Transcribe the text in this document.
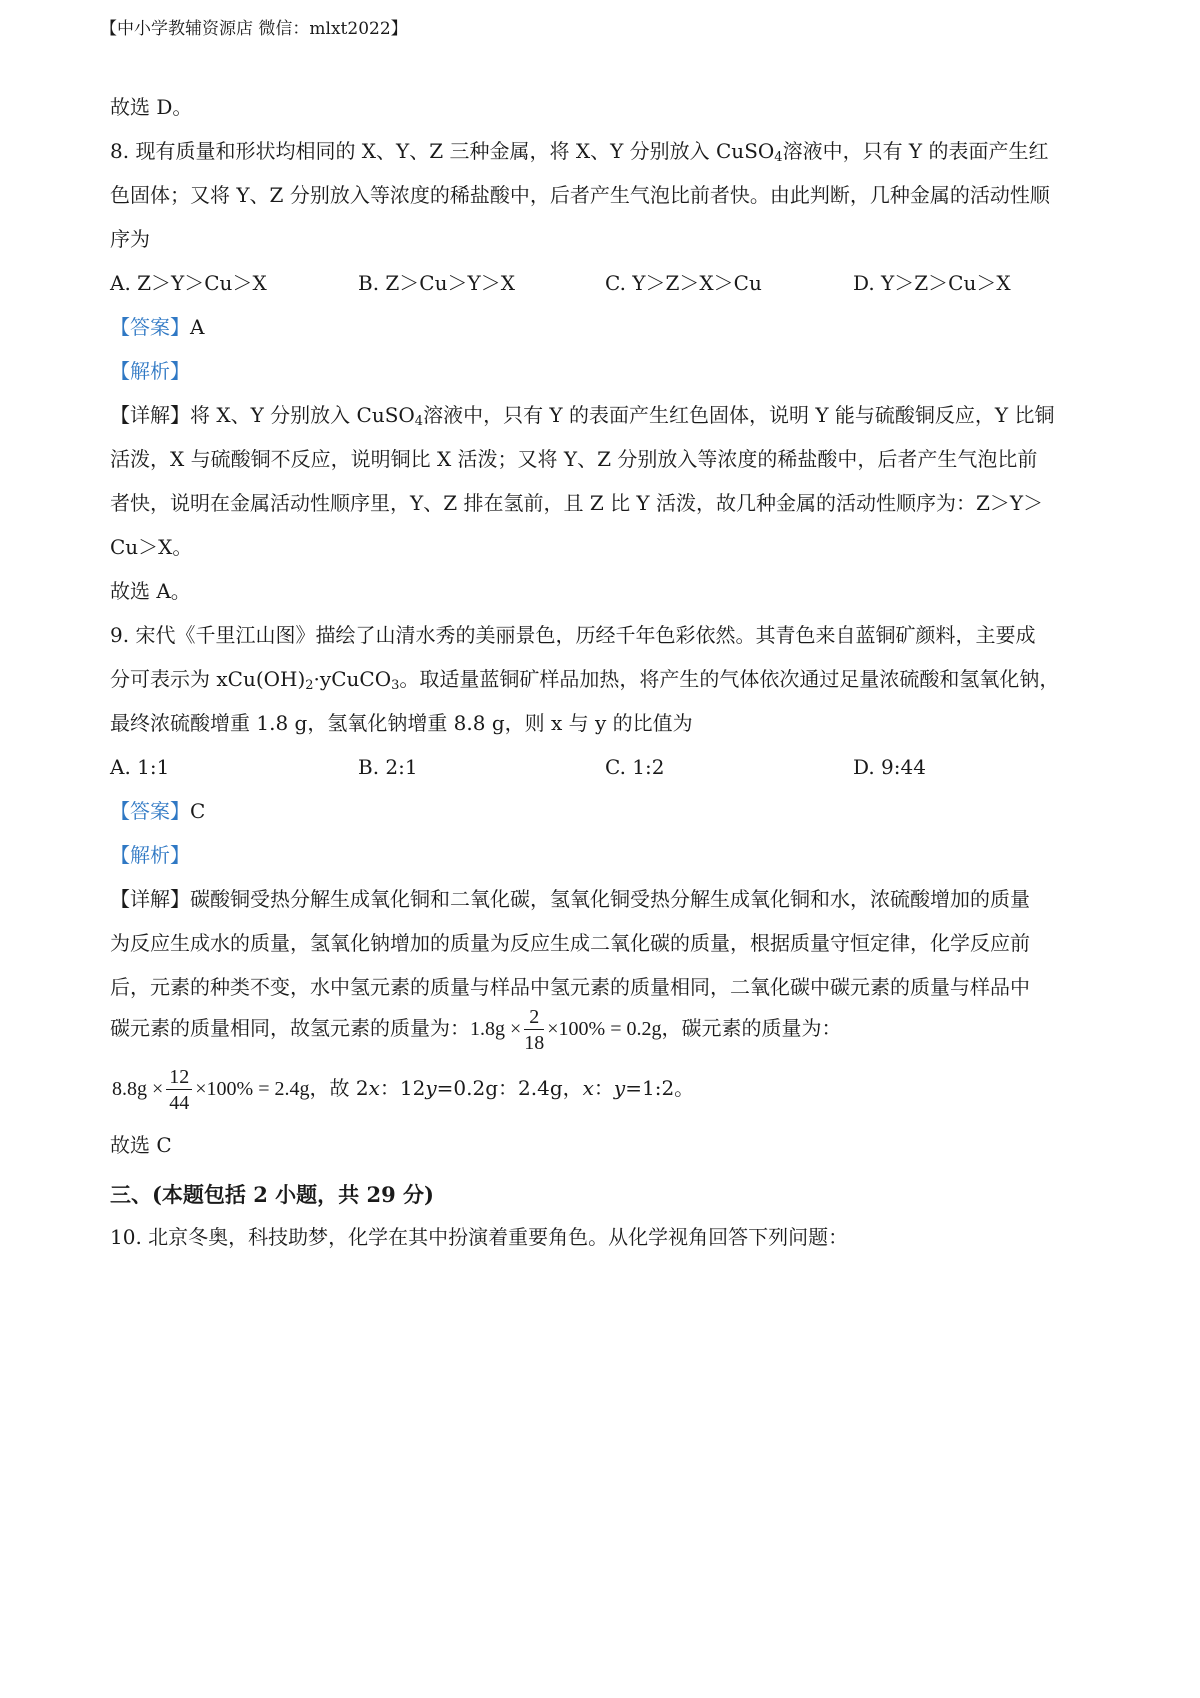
【中小学教辅资源店 微信：mlxt2022】
故选 D。
8. 现有质量和形状均相同的 X、Y、Z 三种金属，将 X、Y 分别放入 CuSO$_4$溶液中，只有 Y 的表面产生红
色固体；又将 Y、Z 分别放入等浓度的稀盐酸中，后者产生气泡比前者快。由此判断，几种金属的活动性顺
序为
A. Z＞Y＞Cu＞X	B. Z＞Cu＞Y＞X	C. Y＞Z＞X＞Cu	D. Y＞Z＞Cu＞X
【答案】A
【解析】
【详解】将 X、Y 分别放入 CuSO$_4$溶液中，只有 Y 的表面产生红色固体，说明 Y 能与硫酸铜反应，Y 比铜
活泼，X 与硫酸铜不反应，说明铜比 X 活泼；又将 Y、Z 分别放入等浓度的稀盐酸中，后者产生气泡比前
者快，说明在金属活动性顺序里，Y、Z 排在氢前，且 Z 比 Y 活泼，故几种金属的活动性顺序为：Z＞Y＞
Cu＞X。
故选 A。
9. 宋代《千里江山图》描绘了山清水秀的美丽景色，历经千年色彩依然。其青色来自蓝铜矿颜料，主要成
分可表示为 $xCu(OH)_2\cdot yCuCO_3$。取适量蓝铜矿样品加热，将产生的气体依次通过足量浓硫酸和氢氧化钠，
最终浓硫酸增重 1.8 g，氢氧化钠增重 8.8 g，则 x 与 y 的比值为
A. 1:1	B. 2:1	C. 1:2	D. 9:44
【答案】C
【解析】
【详解】碳酸铜受热分解生成氧化铜和二氧化碳，氢氧化铜受热分解生成氧化铜和水，浓硫酸增加的质量
为反应生成水的质量，氢氧化钠增加的质量为反应生成二氧化碳的质量，根据质量守恒定律，化学反应前
后，元素的种类不变，水中氢元素的质量与样品中氢元素的质量相同，二氧化碳中碳元素的质量与样品中
碳元素的质量相同，故氢元素的质量为：$1.8g \times \frac{2}{18} \times 100\% = 0.2g$，碳元素的质量为：
$8.8g \times \frac{12}{44} \times 100\% = 2.4g$，故 2x：12y=0.2g：2.4g，x：y=1:2。
故选 C
三、(本题包括 2 小题，共 29 分)
10. 北京冬奥，科技助梦，化学在其中扮演着重要角色。从化学视角回答下列问题：
